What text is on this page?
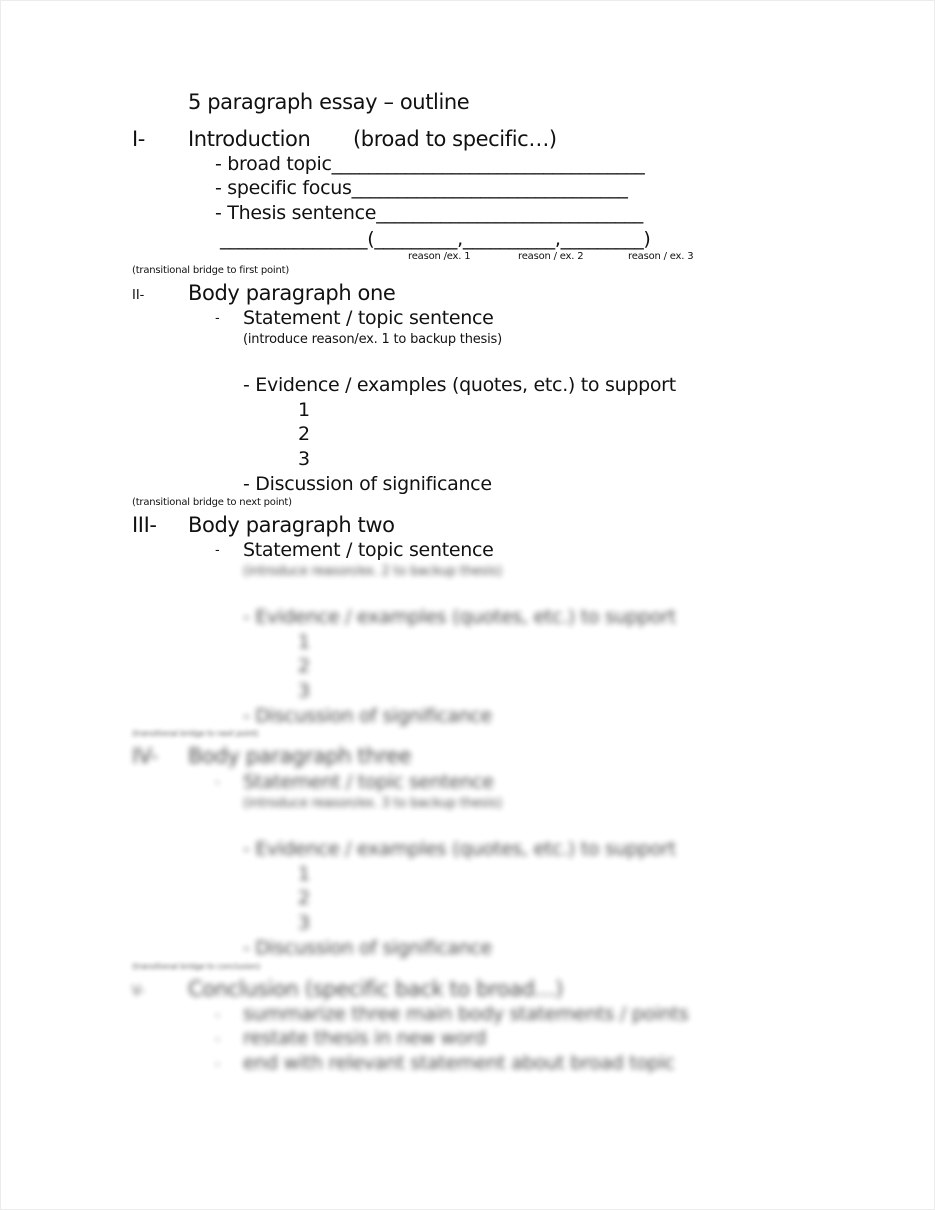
5 paragraph essay – outline
I- Introduction (broad to specific…)
- broad topic__________________________________
- specific focus______________________________
- Thesis sentence_____________________________
________________(_________,__________,_________)
reason /ex. 1	reason / ex. 2	reason / ex. 3
(transitional bridge to first point)
II- Body paragraph one
- Statement / topic sentence
(introduce reason/ex. 1 to backup thesis)
- Evidence / examples (quotes, etc.) to support
1
2
3
- Discussion of significance
(transitional bridge to next point)
III- Body paragraph two
- Statement / topic sentence
(introduce reason/ex. 2 to backup thesis)
- Evidence / examples (quotes, etc.) to support
1
2
3
- Discussion of significance
(transitional bridge to next point)
IV- Body paragraph three
- Statement / topic sentence
(introduce reason/ex. 3 to backup thesis)
- Evidence / examples (quotes, etc.) to support
1
2
3
- Discussion of significance
(transitional bridge to conclusion)
V- Conclusion (specific back to broad…)
- summarize three main body statements / points
- restate thesis in new word
- end with relevant statement about broad topic
